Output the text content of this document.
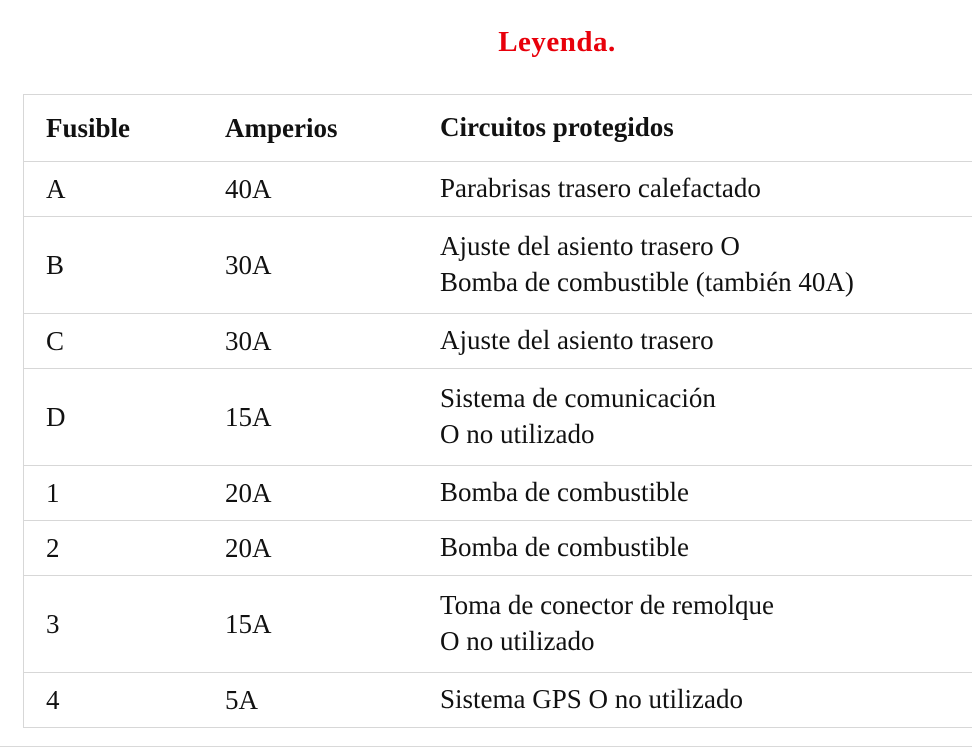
Leyenda.
Fusible	Amperios	Circuitos protegidos
A	40A	Parabrisas trasero calefactado

B	30A	Ajuste del asiento trasero O
Bomba de combustible (también 40A)

C	30A	Ajuste del asiento trasero

D	15A	Sistema de comunicación
O no utilizado

1	20A	Bomba de combustible

2	20A	Bomba de combustible

3	15A	Toma de conector de remolque
O no utilizado

4	5A	Sistema GPS O no utilizado
